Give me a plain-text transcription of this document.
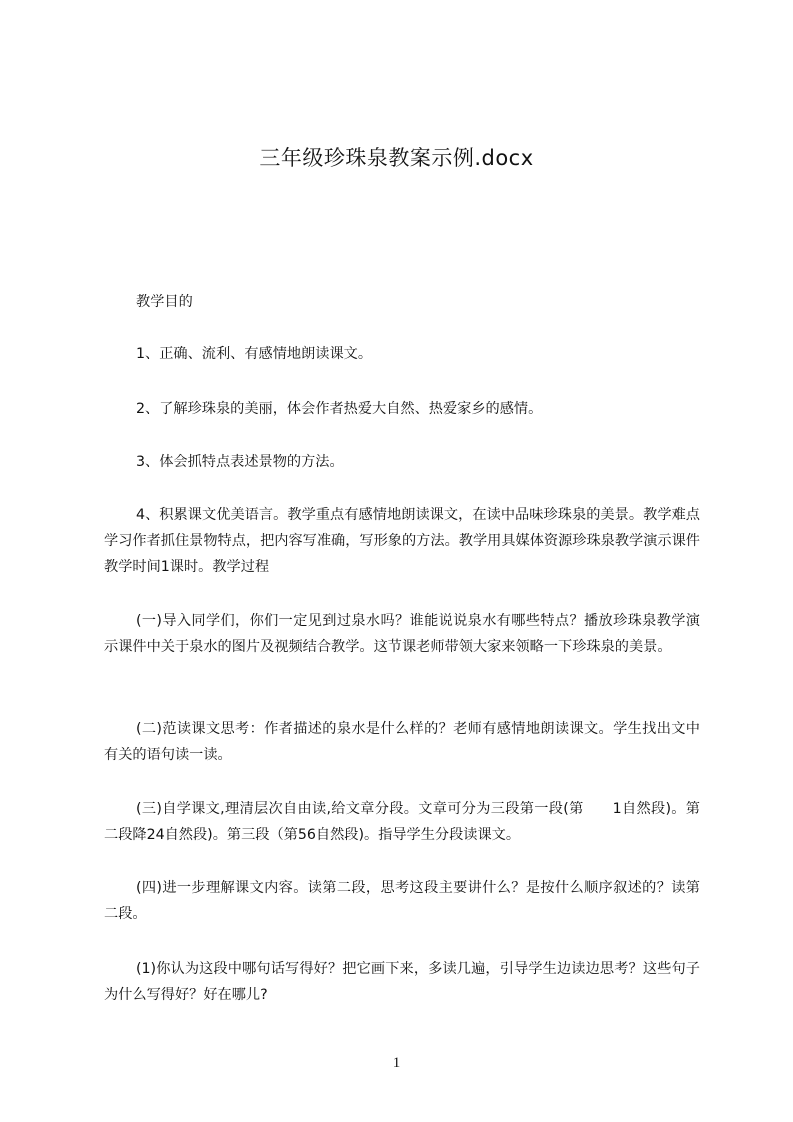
三年级珍珠泉教案示例.docx
教学目的
1、正确、流利、有感情地朗读课文。
2、了解珍珠泉的美丽，体会作者热爱大自然、热爱家乡的感情。
3、体会抓特点表述景物的方法。
4、积累课文优美语言。教学重点有感情地朗读课文，在读中品味珍珠泉的美景。教学难点学习作者抓住景物特点，把内容写准确，写形象的方法。教学用具媒体资源珍珠泉教学演示课件教学时间1课时。教学过程
(一)导入同学们，你们一定见到过泉水吗？谁能说说泉水有哪些特点？播放珍珠泉教学演示课件中关于泉水的图片及视频结合教学。这节课老师带领大家来领略一下珍珠泉的美景。
(二)范读课文思考：作者描述的泉水是什么样的？老师有感情地朗读课文。学生找出文中有关的语句读一读。
(三)自学课文,理清层次自由读,给文章分段。文章可分为三段第一段(第　　1自然段)。第二段降24自然段)。第三段（第56自然段)。指导学生分段读课文。
(四)进一步理解课文内容。读第二段，思考这段主要讲什么？是按什么顺序叙述的？读第二段。
(1)你认为这段中哪句话写得好？把它画下来，多读几遍，引导学生边读边思考？这些句子为什么写得好？好在哪儿?
1
